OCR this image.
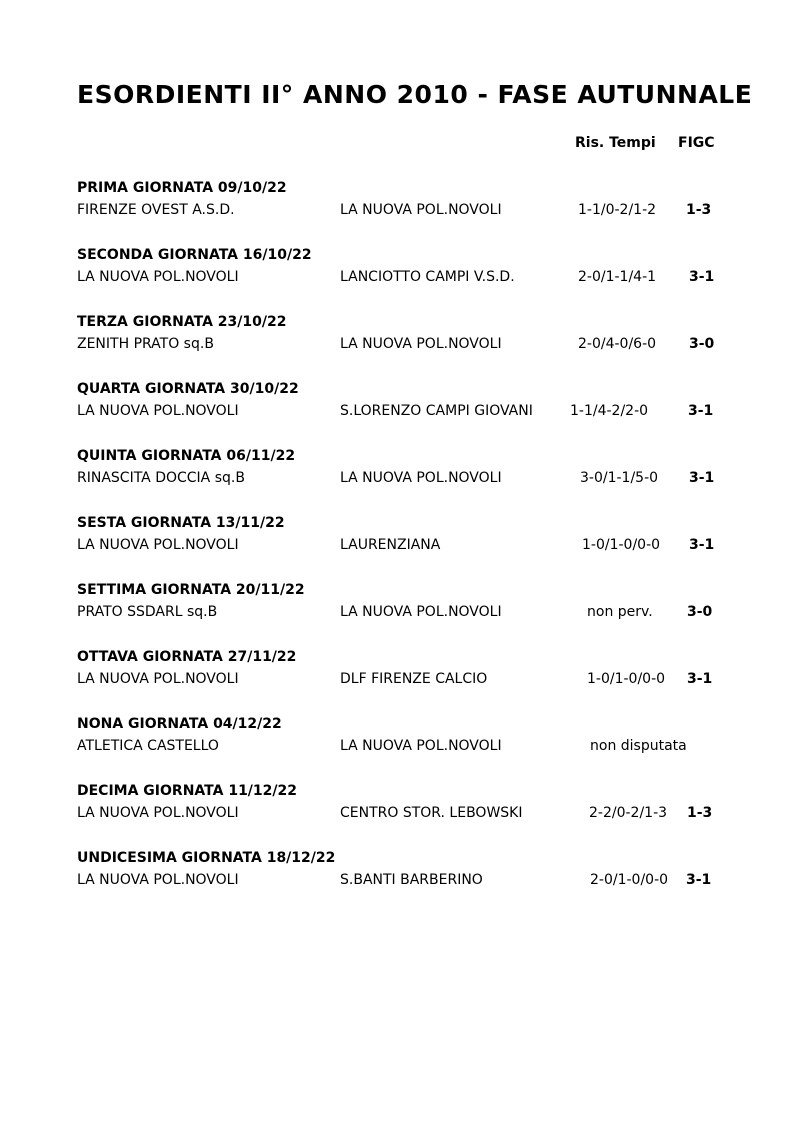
ESORDIENTI II° ANNO 2010 - FASE AUTUNNALE
Ris. Tempi FIGC
PRIMA GIORNATA 09/10/22
FIRENZE OVEST A.S.D.	LA NUOVA POL.NOVOLI	1-1/0-2/1-2 1-3
SECONDA GIORNATA 16/10/22
LA NUOVA POL.NOVOLI	LANCIOTTO CAMPI V.S.D.	2-0/1-1/4-1 3-1
TERZA GIORNATA 23/10/22
ZENITH PRATO sq.B	LA NUOVA POL.NOVOLI	2-0/4-0/6-0 3-0
QUARTA GIORNATA 30/10/22
LA NUOVA POL.NOVOLI	S.LORENZO CAMPI GIOVANI	1-1/4-2/2-0	3-1
QUINTA GIORNATA 06/11/22
RINASCITA DOCCIA sq.B	LA NUOVA POL.NOVOLI	3-0/1-1/5-0 3-1
SESTA GIORNATA 13/11/22
LA NUOVA POL.NOVOLI	LAURENZIANA	1-0/1-0/0-0 3-1
SETTIMA GIORNATA 20/11/22
PRATO SSDARL sq.B	LA NUOVA POL.NOVOLI	non perv. 3-0
OTTAVA GIORNATA 27/11/22
LA NUOVA POL.NOVOLI	DLF FIRENZE CALCIO	1-0/1-0/0-0 3-1
NONA GIORNATA 04/12/22
ATLETICA CASTELLO	LA NUOVA POL.NOVOLI	non disputata
DECIMA GIORNATA 11/12/22
LA NUOVA POL.NOVOLI	CENTRO STOR. LEBOWSKI	2-2/0-2/1-3 1-3
UNDICESIMA GIORNATA 18/12/22
LA NUOVA POL.NOVOLI	S.BANTI BARBERINO	2-0/1-0/0-0 3-1
